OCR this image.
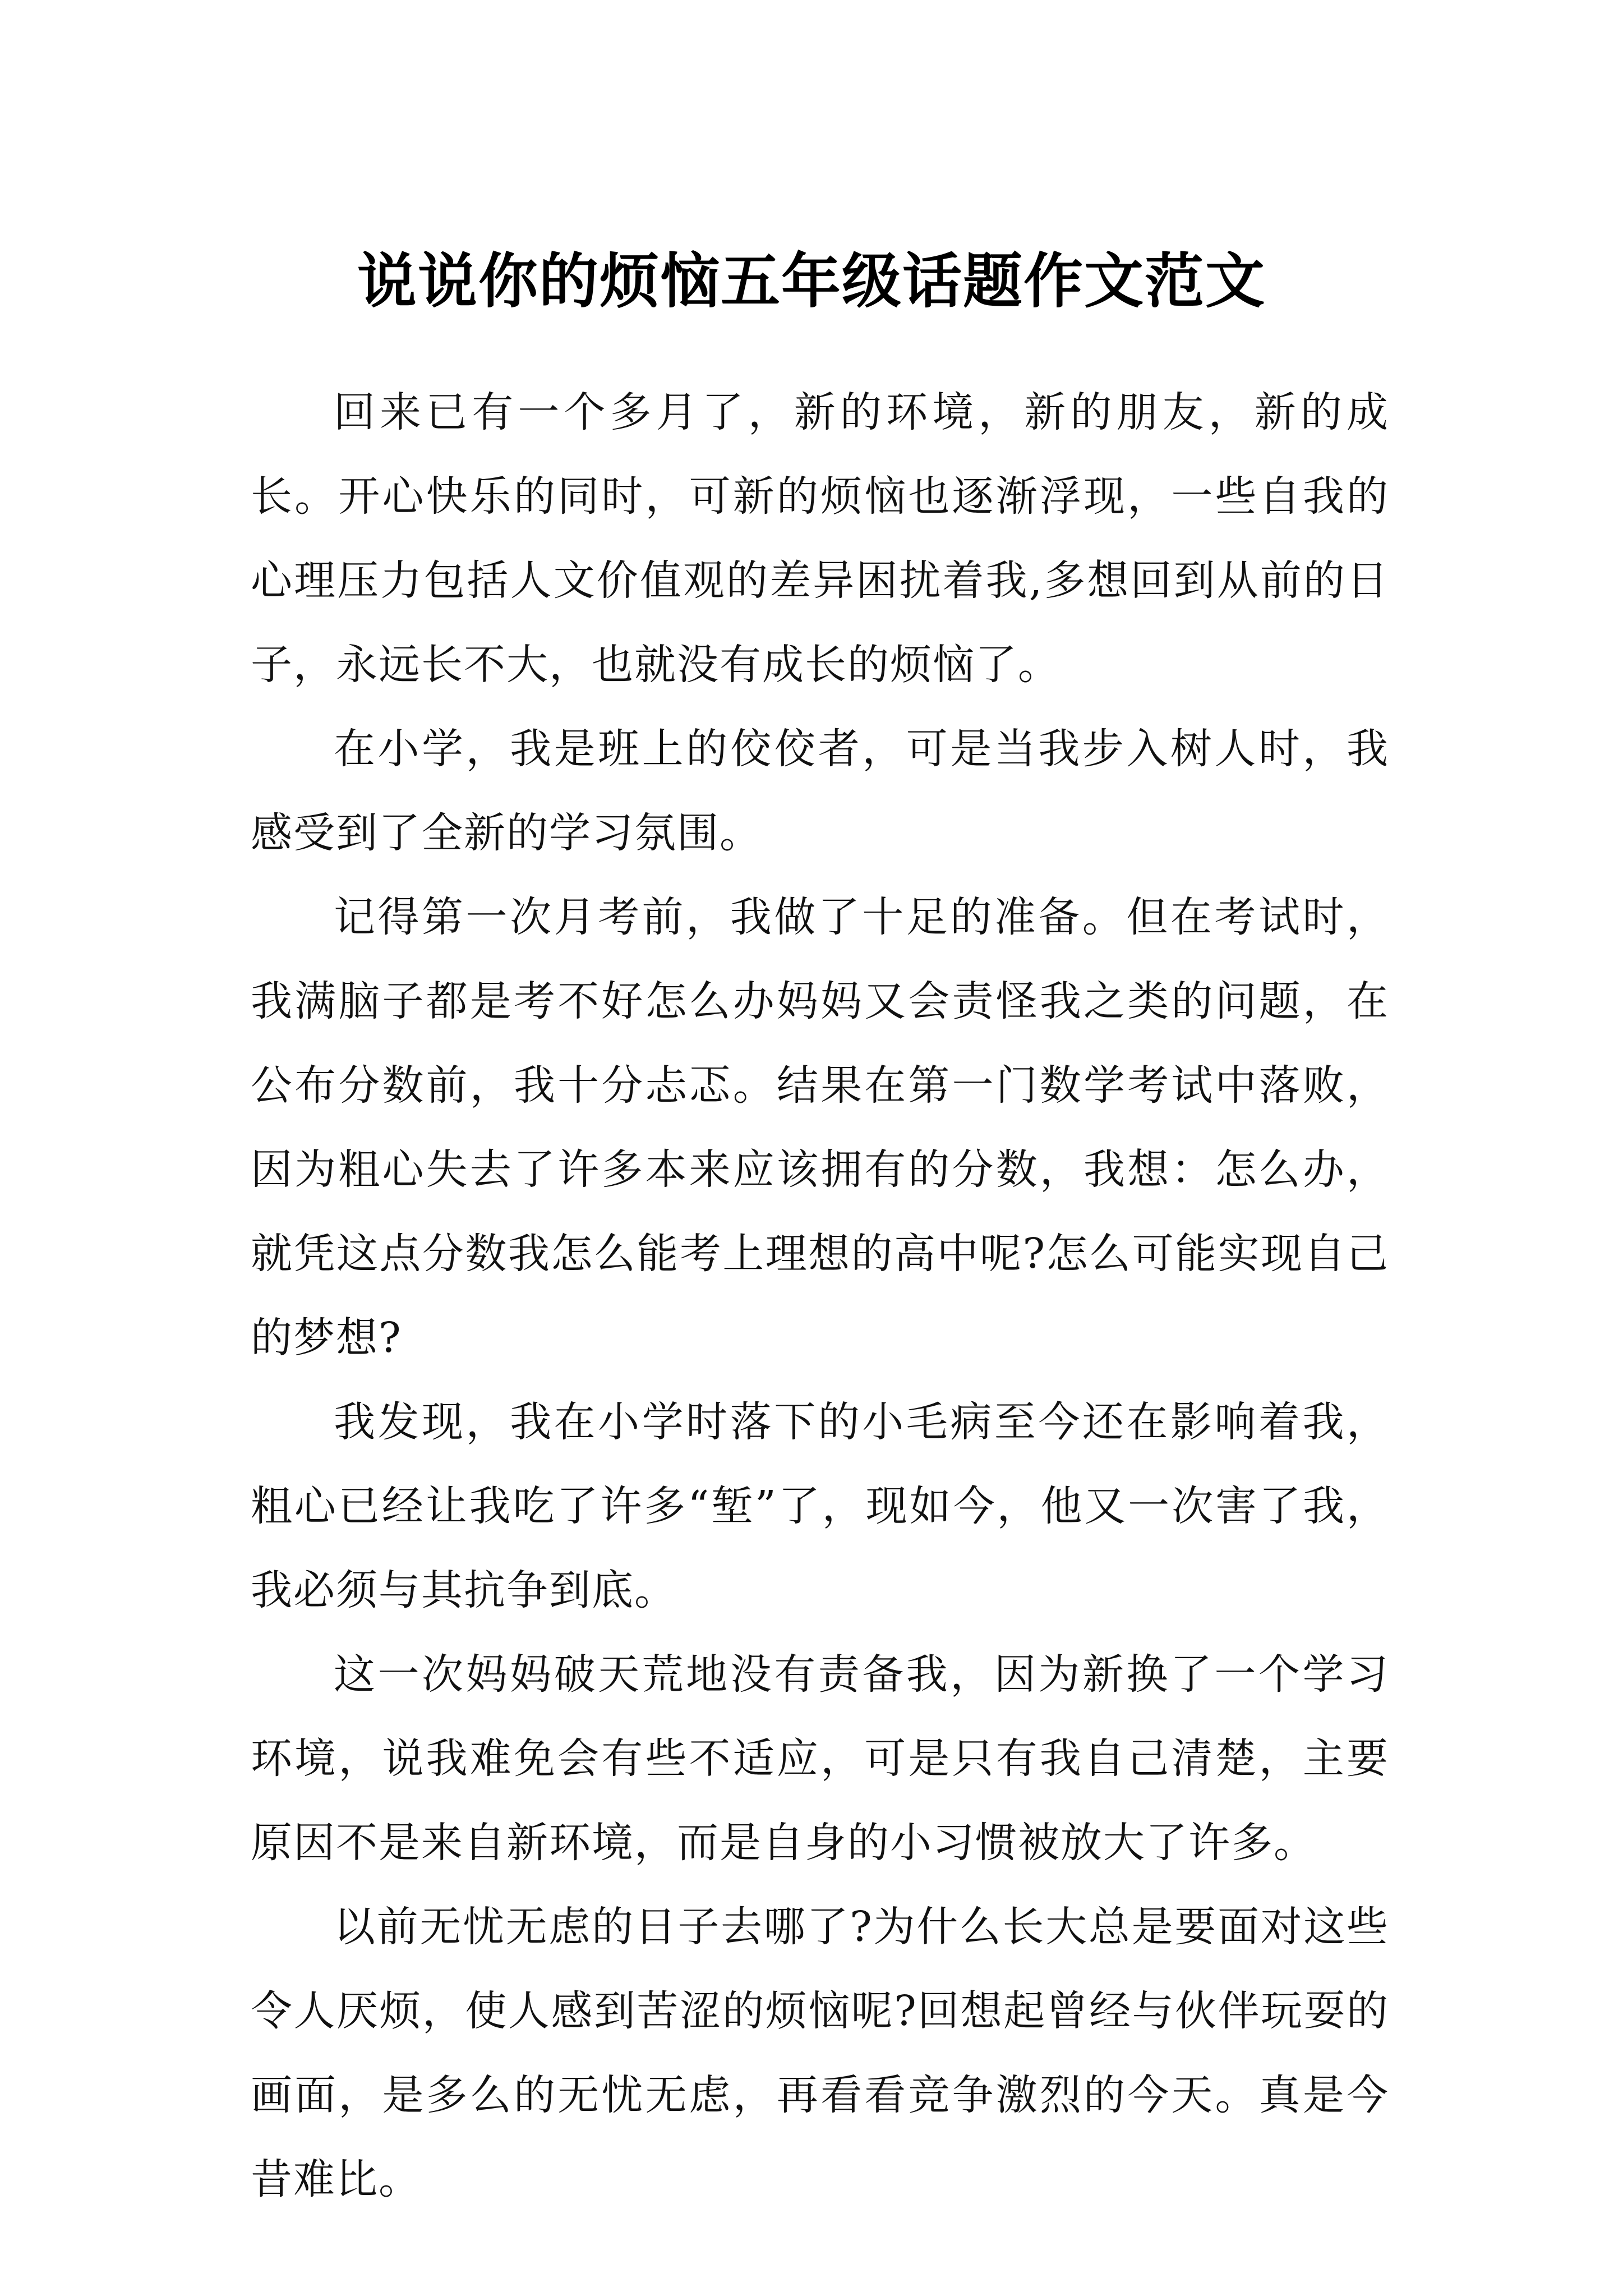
说说你的烦恼五年级话题作文范文

回来已有一个多月了，新的环境，新的朋友，新的成长。开心快乐的同时，可新的烦恼也逐渐浮现，一些自我的心理压力包括人文价值观的差异困扰着我,多想回到从前的日子，永远长不大，也就没有成长的烦恼了。

在小学，我是班上的佼佼者，可是当我步入树人时，我感受到了全新的学习氛围。

记得第一次月考前，我做了十足的准备。但在考试时，我满脑子都是考不好怎么办妈妈又会责怪我之类的问题，在公布分数前，我十分忐忑。结果在第一门数学考试中落败，因为粗心失去了许多本来应该拥有的分数，我想：怎么办，就凭这点分数我怎么能考上理想的高中呢?怎么可能实现自己的梦想?

我发现，我在小学时落下的小毛病至今还在影响着我，粗心已经让我吃了许多“堑”了，现如今，他又一次害了我，我必须与其抗争到底。

这一次妈妈破天荒地没有责备我，因为新换了一个学习环境，说我难免会有些不适应，可是只有我自己清楚，主要原因不是来自新环境，而是自身的小习惯被放大了许多。

以前无忧无虑的日子去哪了?为什么长大总是要面对这些令人厌烦，使人感到苦涩的烦恼呢?回想起曾经与伙伴玩耍的画面，是多么的无忧无虑，再看看竞争激烈的今天。真是今昔难比。
